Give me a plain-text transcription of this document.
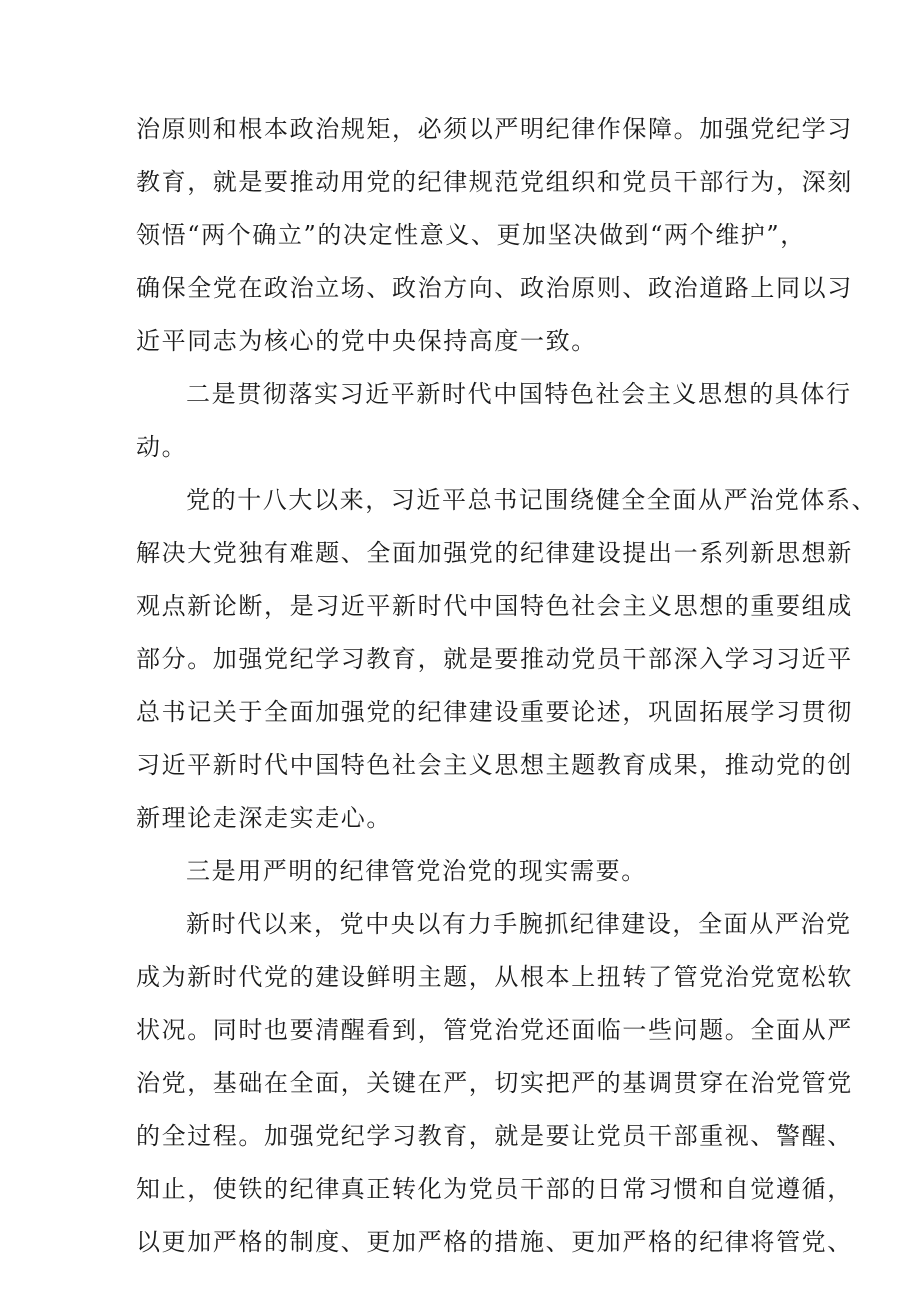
治原则和根本政治规矩，必须以严明纪律作保障。加强党纪学习
教育，就是要推动用党的纪律规范党组织和党员干部行为，深刻
领悟“两个确立”的决定性意义、更加坚决做到“两个维护”，
确保全党在政治立场、政治方向、政治原则、政治道路上同以习
近平同志为核心的党中央保持高度一致。
二是贯彻落实习近平新时代中国特色社会主义思想的具体行
动。
党的十八大以来，习近平总书记围绕健全全面从严治党体系、
解决大党独有难题、全面加强党的纪律建设提出一系列新思想新
观点新论断，是习近平新时代中国特色社会主义思想的重要组成
部分。加强党纪学习教育，就是要推动党员干部深入学习习近平
总书记关于全面加强党的纪律建设重要论述，巩固拓展学习贯彻
习近平新时代中国特色社会主义思想主题教育成果，推动党的创
新理论走深走实走心。
三是用严明的纪律管党治党的现实需要。
新时代以来，党中央以有力手腕抓纪律建设，全面从严治党
成为新时代党的建设鲜明主题，从根本上扭转了管党治党宽松软
状况。同时也要清醒看到，管党治党还面临一些问题。全面从严
治党，基础在全面，关键在严，切实把严的基调贯穿在治党管党
的全过程。加强党纪学习教育，就是要让党员干部重视、警醒、
知止，使铁的纪律真正转化为党员干部的日常习惯和自觉遵循，
以更加严格的制度、更加严格的措施、更加严格的纪律将管党、
